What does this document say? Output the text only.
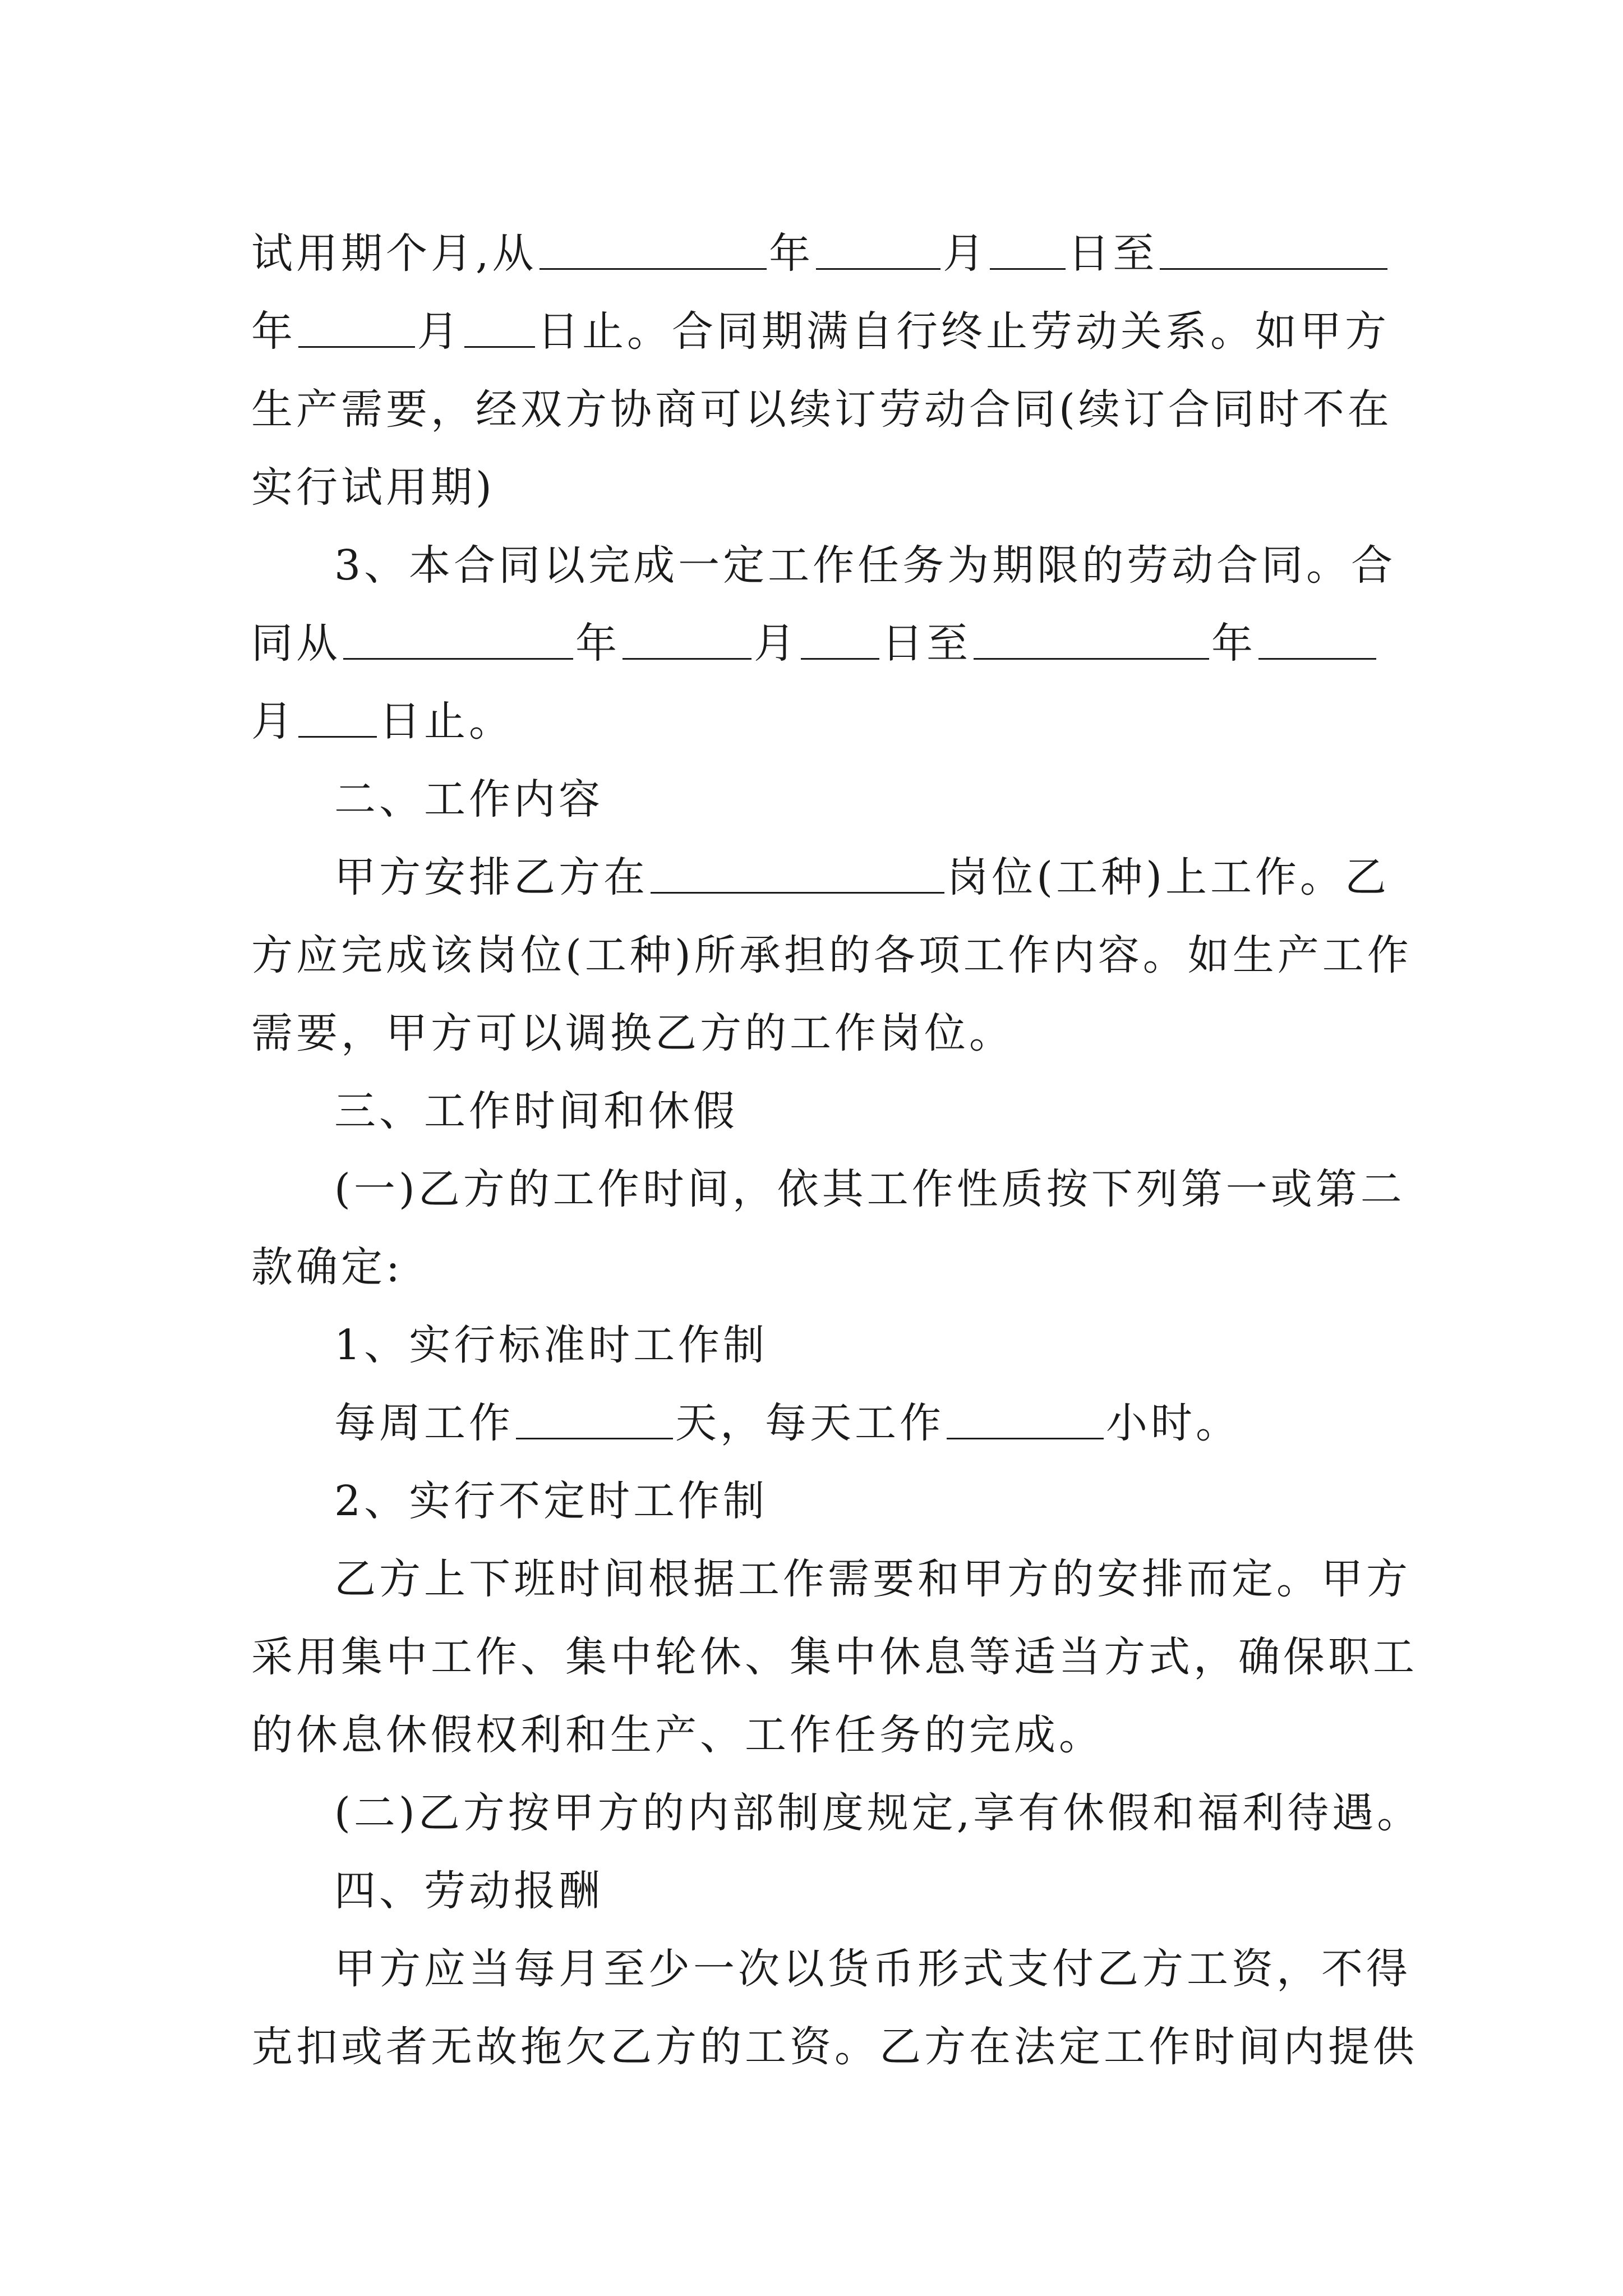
试用期个月,从	年	月 日至
年	月 日止。合同期满自行终止劳动关系。如甲方
生产需要，经双方协商可以续订劳动合同(续订合同时不在
实行试用期)
3、本合同以完成一定工作任务为期限的劳动合同。合
同从	年	月 日至	年
月 日止。
二、工作内容
甲方安排乙方在	岗位(工种)上工作。乙
方应完成该岗位(工种)所承担的各项工作内容。如生产工作
需要，甲方可以调换乙方的工作岗位。
三、工作时间和休假
(一)乙方的工作时间，依其工作性质按下列第一或第二
款确定:
1、实行标准时工作制
每周工作	天，每天工作	小时。
2、实行不定时工作制
乙方上下班时间根据工作需要和甲方的安排而定。甲方
采用集中工作、集中轮休、集中休息等适当方式，确保职工
的休息休假权利和生产、工作任务的完成。
(二)乙方按甲方的内部制度规定,享有休假和福利待遇。
四、劳动报酬
甲方应当每月至少一次以货币形式支付乙方工资，不得
克扣或者无故拖欠乙方的工资。乙方在法定工作时间内提供
